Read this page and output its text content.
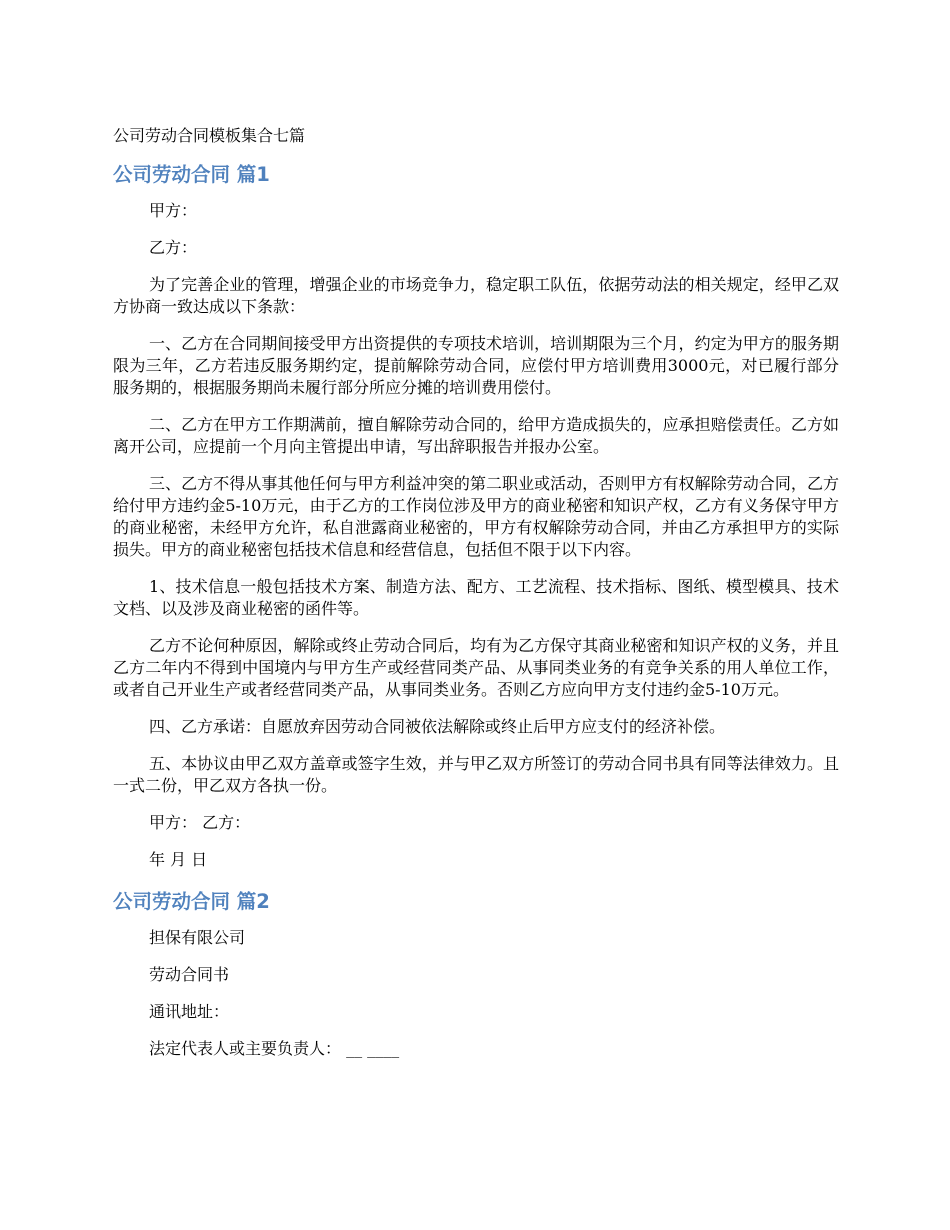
公司劳动合同模板集合七篇
公司劳动合同 篇1

甲方：

乙方：

为了完善企业的管理，增强企业的市场竞争力，稳定职工队伍，依据劳动法的相关规定，经甲乙双方协商一致达成以下条款：

一、乙方在合同期间接受甲方出资提供的专项技术培训，培训期限为三个月，约定为甲方的服务期限为三年，乙方若违反服务期约定，提前解除劳动合同，应偿付甲方培训费用3000元，对已履行部分服务期的，根据服务期尚未履行部分所应分摊的培训费用偿付。

二、乙方在甲方工作期满前，擅自解除劳动合同的，给甲方造成损失的，应承担赔偿责任。乙方如离开公司，应提前一个月向主管提出申请，写出辞职报告并报办公室。

三、乙方不得从事其他任何与甲方利益冲突的第二职业或活动，否则甲方有权解除劳动合同，乙方给付甲方违约金5-10万元，由于乙方的工作岗位涉及甲方的商业秘密和知识产权，乙方有义务保守甲方的商业秘密，未经甲方允许，私自泄露商业秘密的，甲方有权解除劳动合同，并由乙方承担甲方的实际损失。甲方的商业秘密包括技术信息和经营信息，包括但不限于以下内容。

1、技术信息一般包括技术方案、制造方法、配方、工艺流程、技术指标、图纸、模型模具、技术文档、以及涉及商业秘密的函件等。

乙方不论何种原因，解除或终止劳动合同后，均有为乙方保守其商业秘密和知识产权的义务，并且乙方二年内不得到中国境内与甲方生产或经营同类产品、从事同类业务的有竞争关系的用人单位工作，或者自己开业生产或者经营同类产品，从事同类业务。否则乙方应向甲方支付违约金5-10万元。

四、乙方承诺：自愿放弃因劳动合同被依法解除或终止后甲方应支付的经济补偿。

五、本协议由甲乙双方盖章或签字生效，并与甲乙双方所签订的劳动合同书具有同等法律效力。且一式二份，甲乙双方各执一份。

甲方： 乙方：

年 月 日

公司劳动合同 篇2

担保有限公司

劳动合同书

通讯地址：

法定代表人或主要负责人： __ ____
